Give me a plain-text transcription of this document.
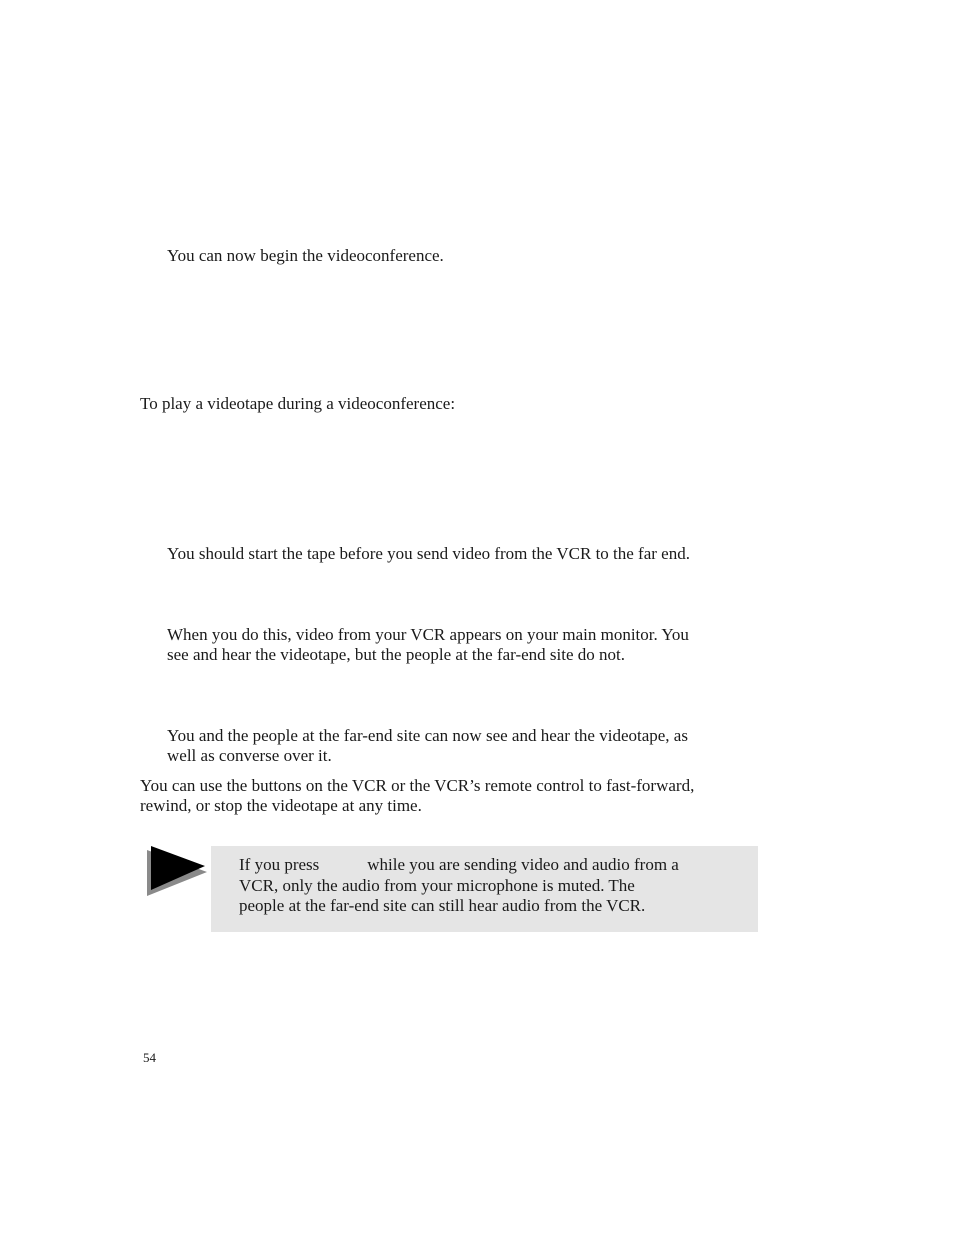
You can now begin the videoconference.

To play a videotape during a videoconference:

You should start the tape before you send video from the VCR to the far end.

When you do this, video from your VCR appears on your main monitor. You

see and hear the videotape, but the people at the far-end site do not.

You and the people at the far-end site can now see and hear the videotape, as

well as converse over it.

You can use the buttons on the VCR or the VCR’s remote control to fast-forward,

rewind, or stop the videotape at any time.

If you press	while you are sending video and audio from a
VCR, only the audio from your microphone is muted. The
people at the far-end site can still hear audio from the VCR.
54
